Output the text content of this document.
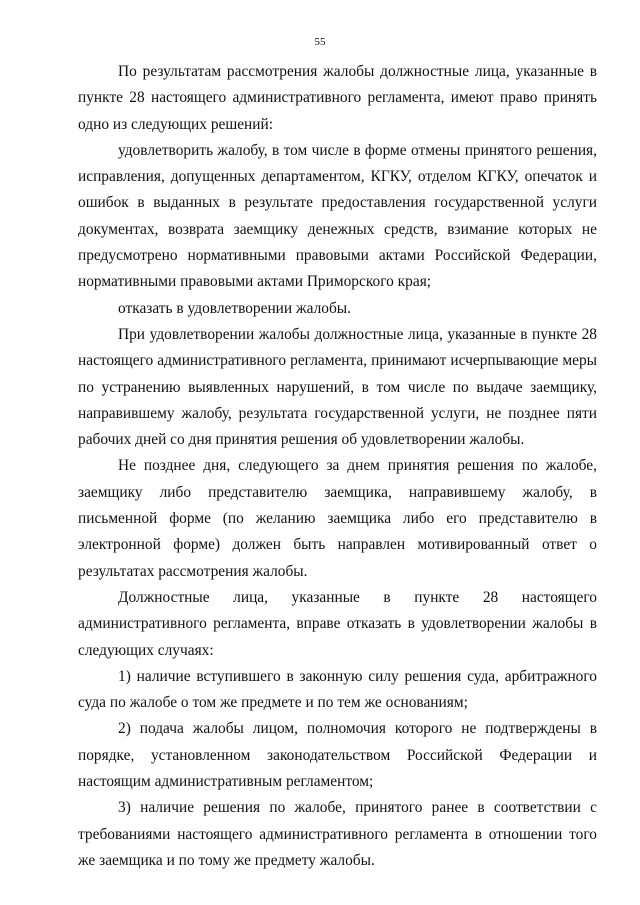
55

По результатам рассмотрения жалобы должностные лица, указанные в пункте 28 настоящего административного регламента, имеют право принять одно из следующих решений:

удовлетворить жалобу, в том числе в форме отмены принятого решения, исправления, допущенных департаментом, КГКУ, отделом КГКУ, опечаток и ошибок в выданных в результате предоставления государственной услуги документах, возврата заемщику денежных средств, взимание которых не предусмотрено нормативными правовыми актами Российской Федерации, нормативными правовыми актами Приморского края;

отказать в удовлетворении жалобы.

При удовлетворении жалобы должностные лица, указанные в пункте 28 настоящего административного регламента, принимают исчерпывающие меры по устранению выявленных нарушений, в том числе по выдаче заемщику, направившему жалобу, результата государственной услуги, не позднее пяти рабочих дней со дня принятия решения об удовлетворении жалобы.

Не позднее дня, следующего за днем принятия решения по жалобе, заемщику либо представителю заемщика, направившему жалобу, в письменной форме (по желанию заемщика либо его представителю в электронной форме) должен быть направлен мотивированный ответ о результатах рассмотрения жалобы.

Должностные лица, указанные в пункте 28 настоящего административного регламента, вправе отказать в удовлетворении жалобы в следующих случаях:

1) наличие вступившего в законную силу решения суда, арбитражного суда по жалобе о том же предмете и по тем же основаниям;

2) подача жалобы лицом, полномочия которого не подтверждены в порядке, установленном законодательством Российской Федерации и настоящим административным регламентом;

3) наличие решения по жалобе, принятого ранее в соответствии с требованиями настоящего административного регламента в отношении того же заемщика и по тому же предмету жалобы.
